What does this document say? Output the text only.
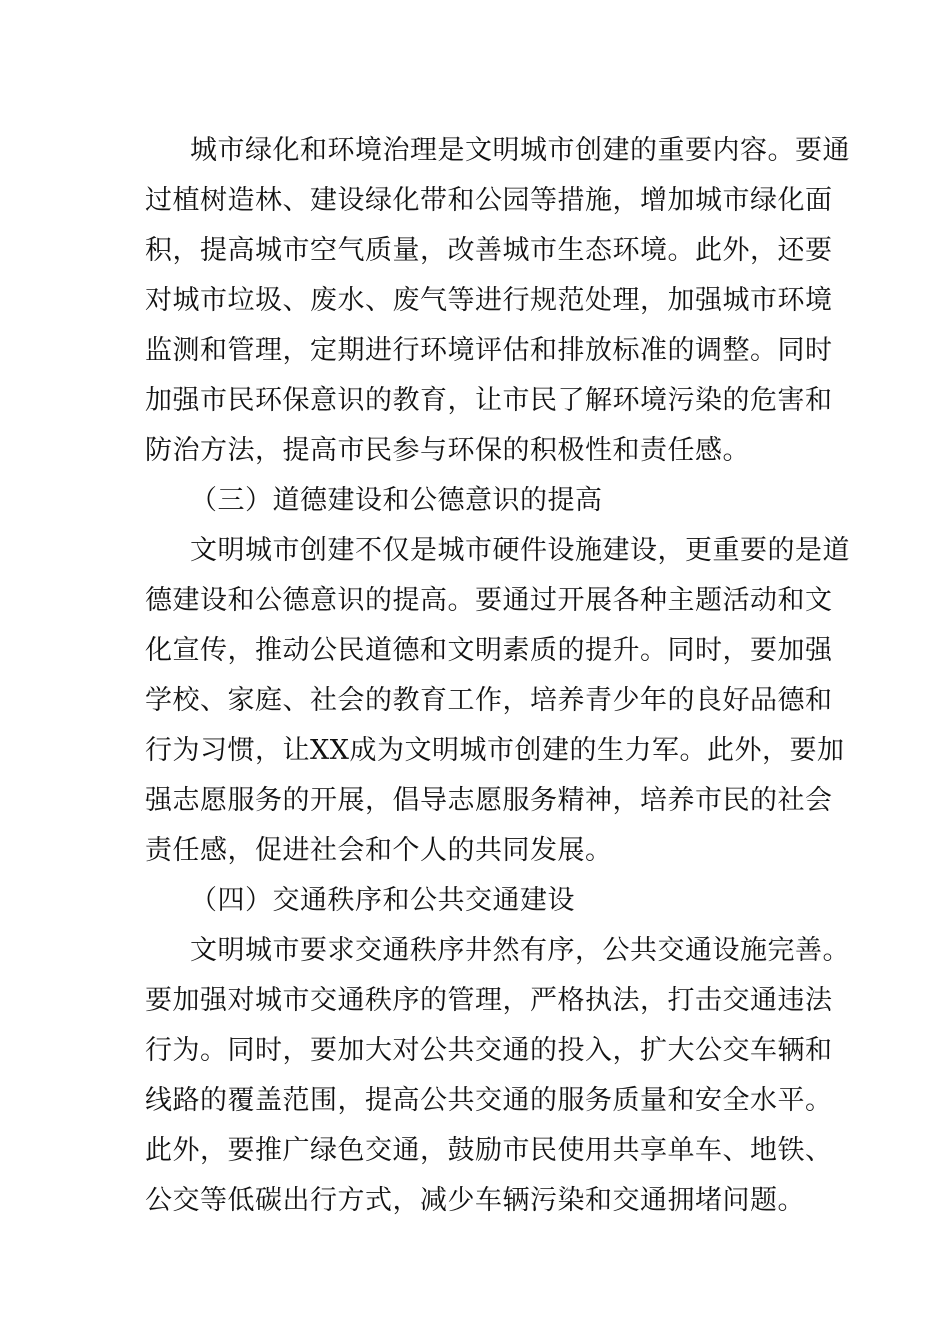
城市绿化和环境治理是文明城市创建的重要内容。要通
过植树造林、建设绿化带和公园等措施，增加城市绿化面
积，提高城市空气质量，改善城市生态环境。此外，还要
对城市垃圾、废水、废气等进行规范处理，加强城市环境
监测和管理，定期进行环境评估和排放标准的调整。同时
加强市民环保意识的教育，让市民了解环境污染的危害和
防治方法，提高市民参与环保的积极性和责任感。
（三）道德建设和公德意识的提高
文明城市创建不仅是城市硬件设施建设，更重要的是道
德建设和公德意识的提高。要通过开展各种主题活动和文
化宣传，推动公民道德和文明素质的提升。同时，要加强
学校、家庭、社会的教育工作，培养青少年的良好品德和
行为习惯，让XX成为文明城市创建的生力军。此外，要加
强志愿服务的开展，倡导志愿服务精神，培养市民的社会
责任感，促进社会和个人的共同发展。
（四）交通秩序和公共交通建设
文明城市要求交通秩序井然有序，公共交通设施完善。
要加强对城市交通秩序的管理，严格执法，打击交通违法
行为。同时，要加大对公共交通的投入，扩大公交车辆和
线路的覆盖范围，提高公共交通的服务质量和安全水平。
此外，要推广绿色交通，鼓励市民使用共享单车、地铁、
公交等低碳出行方式，减少车辆污染和交通拥堵问题。
